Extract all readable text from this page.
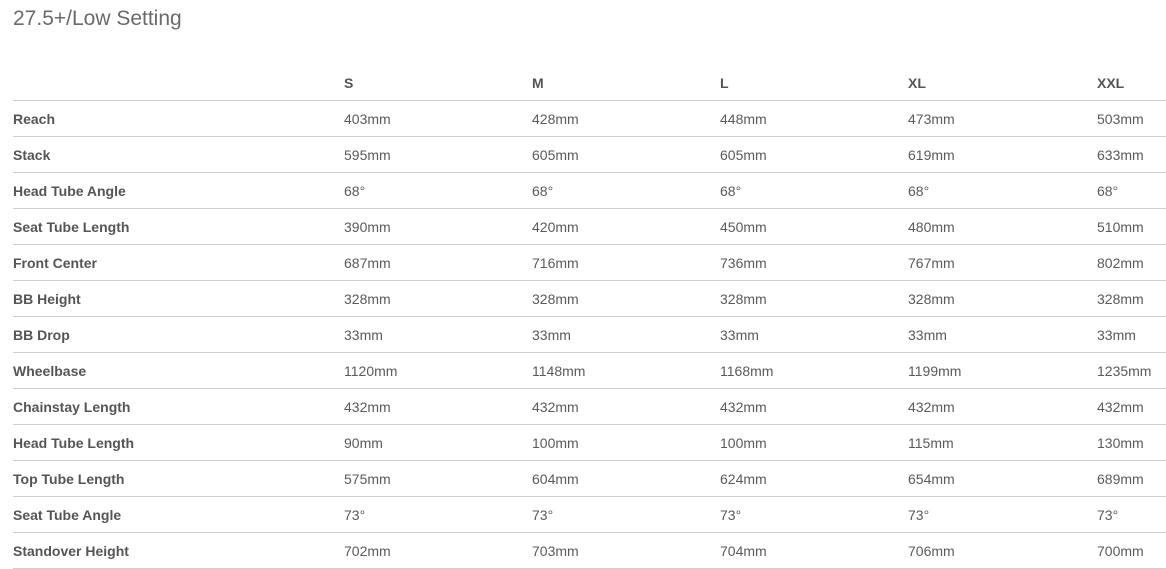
27.5+/Low Setting
	S	M	L	XL	XXL
Reach	403mm	428mm	448mm	473mm	503mm
Stack	595mm	605mm	605mm	619mm	633mm
Head Tube Angle	68°	68°	68°	68°	68°
Seat Tube Length	390mm	420mm	450mm	480mm	510mm
Front Center	687mm	716mm	736mm	767mm	802mm
BB Height	328mm	328mm	328mm	328mm	328mm
BB Drop	33mm	33mm	33mm	33mm	33mm
Wheelbase	1120mm	1148mm	1168mm	1199mm	1235mm
Chainstay Length	432mm	432mm	432mm	432mm	432mm
Head Tube Length	90mm	100mm	100mm	115mm	130mm
Top Tube Length	575mm	604mm	624mm	654mm	689mm
Seat Tube Angle	73°	73°	73°	73°	73°
Standover Height	702mm	703mm	704mm	706mm	700mm
